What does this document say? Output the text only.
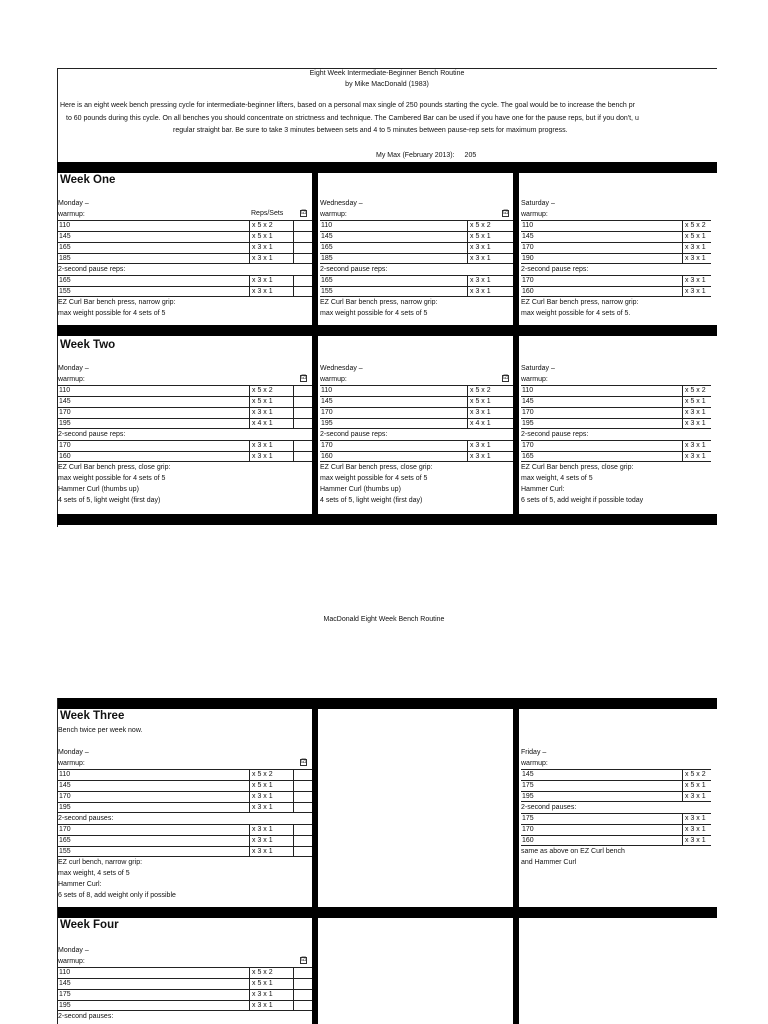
Eight Week Intermediate-Beginner Bench Routine
by Mike MacDonald (1983)
Here is an eight week bench pressing cycle for intermediate-beginner lifters, based on a personal max single of 250 pounds starting the cycle. The goal would be to increase the bench pr
to 60 pounds during this cycle. On all benches you should concentrate on strictness and technique. The Cambered Bar can be used if you have one for the pause reps, but if you don't, u
regular straight bar. Be sure to take 3 minutes between sets and 4 to 5 minutes between pause-rep sets for maximum progress.
My Max (February 2013): 205
Week One
Monday –
warmup:	Reps/Sets	☑
110	x 5 x 2
145	x 5 x 1
165	x 3 x 1
185	x 3 x 1
2-second pause reps:
165	x 3 x 1
155	x 3 x 1
EZ Curl Bar bench press, narrow grip:
max weight possible for 4 sets of 5
Wednesday –
warmup:	☑
110	x 5 x 2
145	x 5 x 1
165	x 3 x 1
185	x 3 x 1
2-second pause reps:
165	x 3 x 1
155	x 3 x 1
EZ Curl Bar bench press, narrow grip:
max weight possible for 4 sets of 5
Saturday –
warmup:
110	x 5 x 2
145	x 5 x 1
170	x 3 x 1
190	x 3 x 1
2-second pause reps:
170	x 3 x 1
160	x 3 x 1
EZ Curl Bar bench press, narrow grip:
max weight possible for 4 sets of 5.
Week Two
Monday –
warmup:	☑
110	x 5 x 2
145	x 5 x 1
170	x 3 x 1
195	x 4 x 1
2-second pause reps:
170	x 3 x 1
160	x 3 x 1
EZ Curl Bar bench press, close grip:
max weight possible for 4 sets of 5
Hammer Curl (thumbs up)
4 sets of 5, light weight (first day)
Wednesday –
warmup:	☑
110	x 5 x 2
145	x 5 x 1
170	x 3 x 1
195	x 4 x 1
2-second pause reps:
170	x 3 x 1
160	x 3 x 1
EZ Curl Bar bench press, close grip:
max weight possible for 4 sets of 5
Hammer Curl (thumbs up)
4 sets of 5, light weight (first day)
Saturday –
warmup:
110	x 5 x 2
145	x 5 x 1
170	x 3 x 1
195	x 3 x 1
2-second pause reps:
170	x 3 x 1
165	x 3 x 1
EZ Curl Bar bench press, close grip:
max weight, 4 sets of 5
Hammer Curl:
6 sets of 5, add weight if possible today
MacDonald Eight Week Bench Routine
Week Three
Bench twice per week now.
Monday –
warmup:	☑
110	x 5 x 2
145	x 5 x 1
170	x 3 x 1
195	x 3 x 1
2-second pauses:
170	x 3 x 1
165	x 3 x 1
155	x 3 x 1
EZ curl bench, narrow grip:
max weight, 4 sets of 5
Hammer Curl:
6 sets of 8, add weight only if possible
Friday –
warmup:
145	x 5 x 2
175	x 5 x 1
195	x 3 x 1
2-second pauses:
175	x 3 x 1
170	x 3 x 1
160	x 3 x 1
same as above on EZ Curl bench
and Hammer Curl
Week Four
Monday –
warmup:	☑
110	x 5 x 2
145	x 5 x 1
175	x 3 x 1
195	x 3 x 1
2-second pauses:
